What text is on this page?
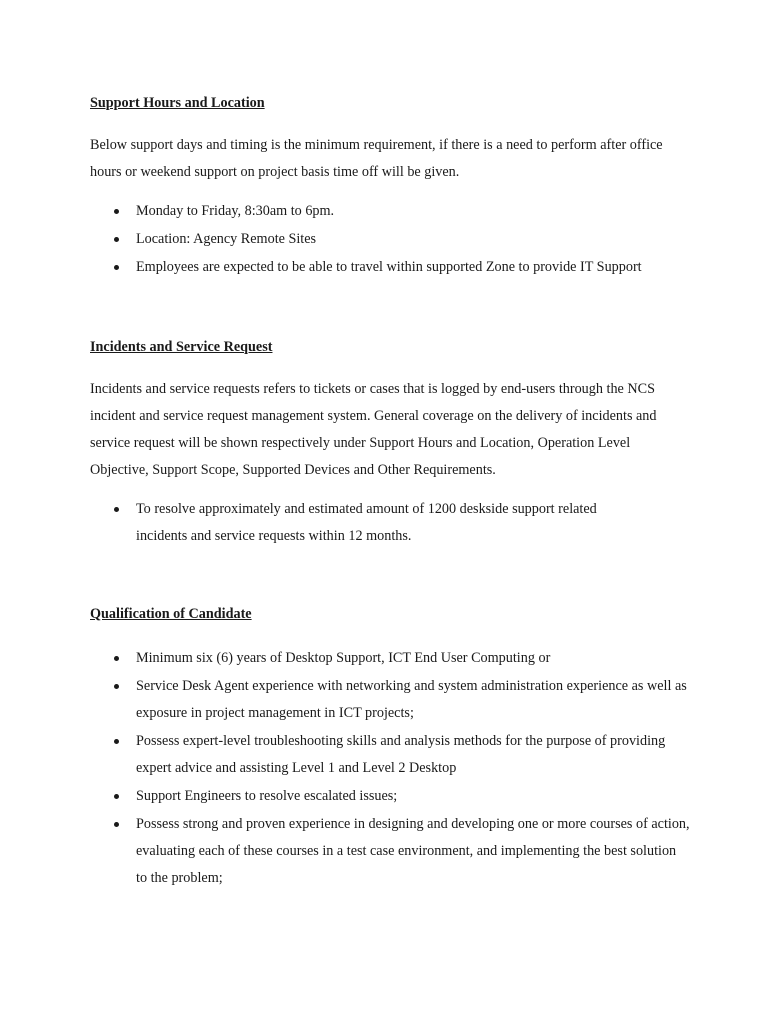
Support Hours and Location

Below support days and timing is the minimum requirement, if there is a need to perform after office hours or weekend support on project basis time off will be given.

Monday to Friday, 8:30am to 6pm.
Location: Agency Remote Sites
Employees are expected to be able to travel within supported Zone to provide IT Support
Incidents and Service Request

Incidents and service requests refers to tickets or cases that is logged by end-users through the NCS incident and service request management system. General coverage on the delivery of incidents and service request will be shown respectively under Support Hours and Location, Operation Level Objective, Support Scope, Supported Devices and Other Requirements.

To resolve approximately and estimated amount of 1200 deskside support related incidents and service requests within 12 months.
Qualification of Candidate
Minimum six (6) years of Desktop Support, ICT End User Computing or
Service Desk Agent experience with networking and system administration experience as well as exposure in project management in ICT projects;
Possess expert-level troubleshooting skills and analysis methods for the purpose of providing expert advice and assisting Level 1 and Level 2 Desktop
Support Engineers to resolve escalated issues;
Possess strong and proven experience in designing and developing one or more courses of action, evaluating each of these courses in a test case environment, and implementing the best solution to the problem;
